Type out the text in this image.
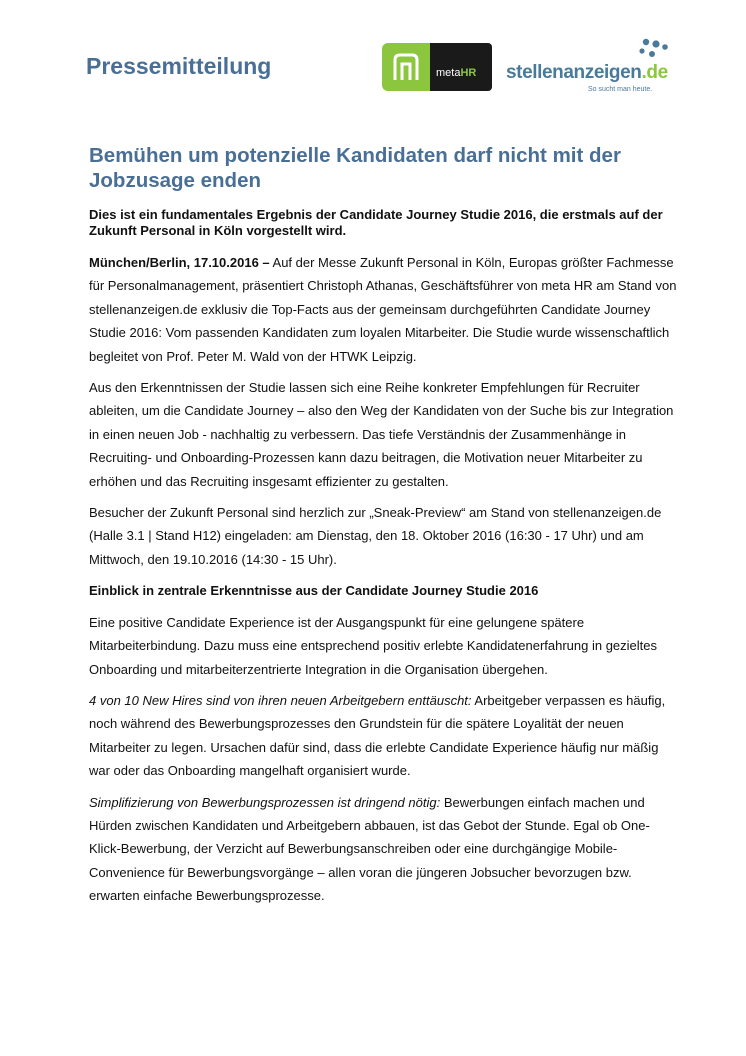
Pressemitteilung	meta HR stellenanzeigen.de
So sucht man heute.
Bemühen um potenzielle Kandidaten darf nicht mit der Jobzusage enden

Dies ist ein fundamentales Ergebnis der Candidate Journey Studie 2016, die erstmals auf der Zukunft Personal in Köln vorgestellt wird.

München/Berlin, 17.10.2016 – Auf der Messe Zukunft Personal in Köln, Europas größter Fachmesse für Personalmanagement, präsentiert Christoph Athanas, Geschäftsführer von meta HR am Stand von stellenanzeigen.de exklusiv die Top-Facts aus der gemeinsam durchgeführten Candidate Journey Studie 2016: Vom passenden Kandidaten zum loyalen Mitarbeiter. Die Studie wurde wissenschaftlich begleitet von Prof. Peter M. Wald von der HTWK Leipzig.

Aus den Erkenntnissen der Studie lassen sich eine Reihe konkreter Empfehlungen für Recruiter ableiten, um die Candidate Journey – also den Weg der Kandidaten von der Suche bis zur Integration in einen neuen Job - nachhaltig zu verbessern. Das tiefe Verständnis der Zusammenhänge in Recruiting- und Onboarding-Prozessen kann dazu beitragen, die Motivation neuer Mitarbeiter zu erhöhen und das Recruiting insgesamt effizienter zu gestalten.

Besucher der Zukunft Personal sind herzlich zur „Sneak-Preview“ am Stand von stellenanzeigen.de (Halle 3.1 | Stand H12) eingeladen: am Dienstag, den 18. Oktober 2016 (16:30 - 17 Uhr) und am Mittwoch, den 19.10.2016 (14:30 - 15 Uhr).

Einblick in zentrale Erkenntnisse aus der Candidate Journey Studie 2016

Eine positive Candidate Experience ist der Ausgangspunkt für eine gelungene spätere Mitarbeiterbindung. Dazu muss eine entsprechend positiv erlebte Kandidatenerfahrung in gezieltes Onboarding und mitarbeiterzentrierte Integration in die Organisation übergehen.

4 von 10 New Hires sind von ihren neuen Arbeitgebern enttäuscht: Arbeitgeber verpassen es häufig, noch während des Bewerbungsprozesses den Grundstein für die spätere Loyalität der neuen Mitarbeiter zu legen. Ursachen dafür sind, dass die erlebte Candidate Experience häufig nur mäßig war oder das Onboarding mangelhaft organisiert wurde.

Simplifizierung von Bewerbungsprozessen ist dringend nötig: Bewerbungen einfach machen und Hürden zwischen Kandidaten und Arbeitgebern abbauen, ist das Gebot der Stunde. Egal ob One-Klick-Bewerbung, der Verzicht auf Bewerbungsanschreiben oder eine durchgängige Mobile-Convenience für Bewerbungsvorgänge – allen voran die jüngeren Jobsucher bevorzugen bzw. erwarten einfache Bewerbungsprozesse.
